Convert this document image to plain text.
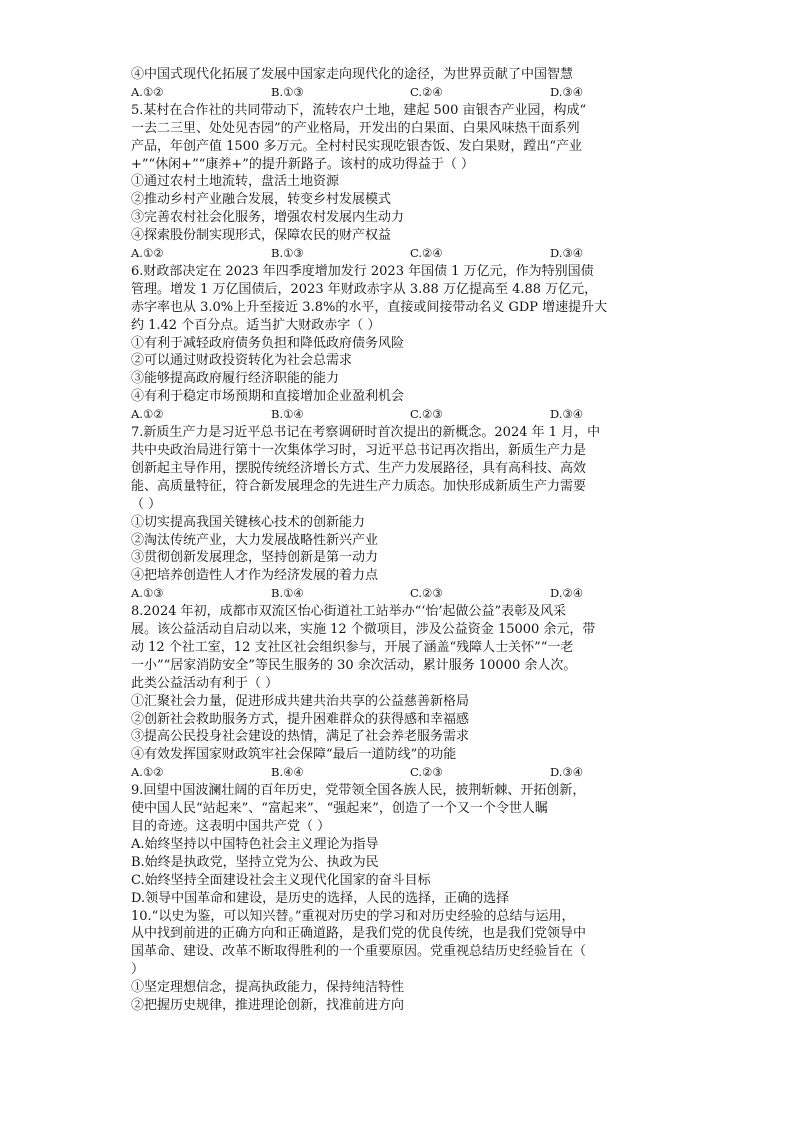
④中国式现代化拓展了发展中国家走向现代化的途径，为世界贡献了中国智慧
A.①②	B.①③	C.②④	D.③④
5.某村在合作社的共同带动下，流转农户土地，建起 500 亩银杏产业园，构成“
一去二三里、处处见杏园”的产业格局，开发出的白果面、白果风味热干面系列
产品，年创产值 1500 多万元。全村村民实现吃银杏饭、发白果财，蹚出“产业
+”“休闲+”“康养+”的提升新路子。该村的成功得益于（ ）
①通过农村土地流转，盘活土地资源
②推动乡村产业融合发展，转变乡村发展模式
③完善农村社会化服务，增强农村发展内生动力
④探索股份制实现形式，保障农民的财产权益
A.①②	B.①③	C.②④	D.③④
6.财政部决定在 2023 年四季度增加发行 2023 年国债 1 万亿元，作为特别国债
管理。增发 1 万亿国债后，2023 年财政赤字从 3.88 万亿提高至 4.88 万亿元，
赤字率也从 3.0%上升至接近 3.8%的水平，直接或间接带动名义 GDP 增速提升大
约 1.42 个百分点。适当扩大财政赤字（ ）
①有利于减轻政府债务负担和降低政府债务风险
②可以通过财政投资转化为社会总需求
③能够提高政府履行经济职能的能力
④有利于稳定市场预期和直接增加企业盈利机会
A.①②	B.①④	C.②③	D.③④
7.新质生产力是习近平总书记在考察调研时首次提出的新概念。2024 年 1 月，中
共中央政治局进行第十一次集体学习时，习近平总书记再次指出，新质生产力是
创新起主导作用，摆脱传统经济增长方式、生产力发展路径，具有高科技、高效
能、高质量特征，符合新发展理念的先进生产力质态。加快形成新质生产力需要
（ ）
①切实提高我国关键核心技术的创新能力
②淘汰传统产业，大力发展战略性新兴产业
③贯彻创新发展理念，坚持创新是第一动力
④把培养创造性人才作为经济发展的着力点
A.①③	B.①④	C.②③	D.②④
8.2024 年初，成都市双流区怡心街道社工站举办“‘怡’起做公益”表彰及风采
展。该公益活动自启动以来，实施 12 个微项目，涉及公益资金 15000 余元，带
动 12 个社工室，12 支社区社会组织参与，开展了涵盖“残障人士关怀”“一老
一小”“居家消防安全”等民生服务的 30 余次活动，累计服务 10000 余人次。
此类公益活动有利于（ ）
①汇聚社会力量，促进形成共建共治共享的公益慈善新格局
②创新社会救助服务方式，提升困难群众的获得感和幸福感
③提高公民投身社会建设的热情，满足了社会养老服务需求
④有效发挥国家财政筑牢社会保障“最后一道防线”的功能
A.①②	B.④④	C.②③	D.③④
9.回望中国波澜壮阔的百年历史，党带领全国各族人民，披荆斩棘、开拓创新，
使中国人民“站起来”、“富起来”、“强起来”，创造了一个又一个令世人瞩
目的奇迹。这表明中国共产党（ ）
A.始终坚持以中国特色社会主义理论为指导
B.始终是执政党，坚持立党为公、执政为民
C.始终坚持全面建设社会主义现代化国家的奋斗目标
D.领导中国革命和建设，是历史的选择，人民的选择，正确的选择
10.“以史为鉴，可以知兴替。”重视对历史的学习和对历史经验的总结与运用，
从中找到前进的正确方向和正确道路，是我们党的优良传统，也是我们党领导中
国革命、建设、改革不断取得胜利的一个重要原因。党重视总结历史经验旨在（
）
①坚定理想信念，提高执政能力，保持纯洁特性
②把握历史规律，推进理论创新，找准前进方向
